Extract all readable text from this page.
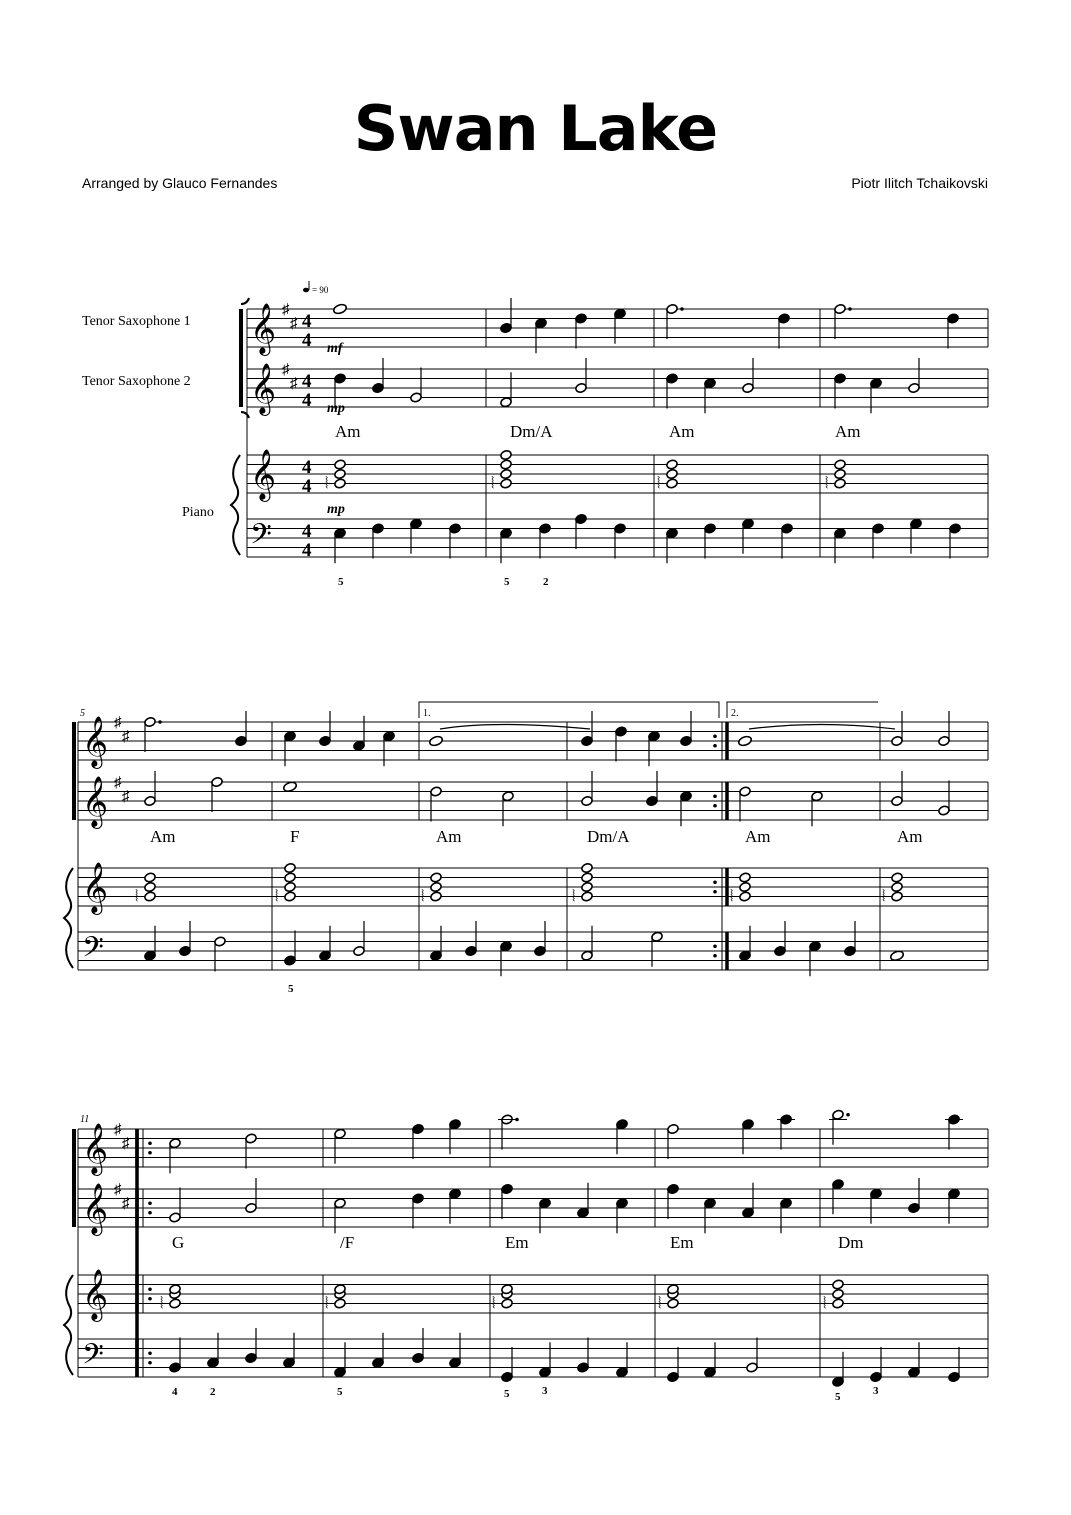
Swan Lake
Arranged by Glauco Fernandes	Piotr Ilitch Tchaikovski
Tenor Saxophone 1
Tenor Saxophone 2
Piano
𝄞
𝄞
𝄞
𝄢
♯
♯
♯
♯
4
4
4
4
4
4
4
4
= 90
mf
mp
mp
Am	Dm/A	Am	Am
⦚	⦚	⦚	⦚
5	5	2
5
𝄞
𝄞
𝄞
𝄢
♯
♯
♯
♯
1.	2.
Am	F	Am	Dm/A	Am	Am
⦚	⦚	⦚	⦚	⦚	⦚
5
11
𝄞
𝄞
𝄞
𝄢
♯
♯
♯
♯
G	/F	Em	Em	Dm
⦚	⦚	⦚	⦚	⦚
4	2	5	5	3	5	3
